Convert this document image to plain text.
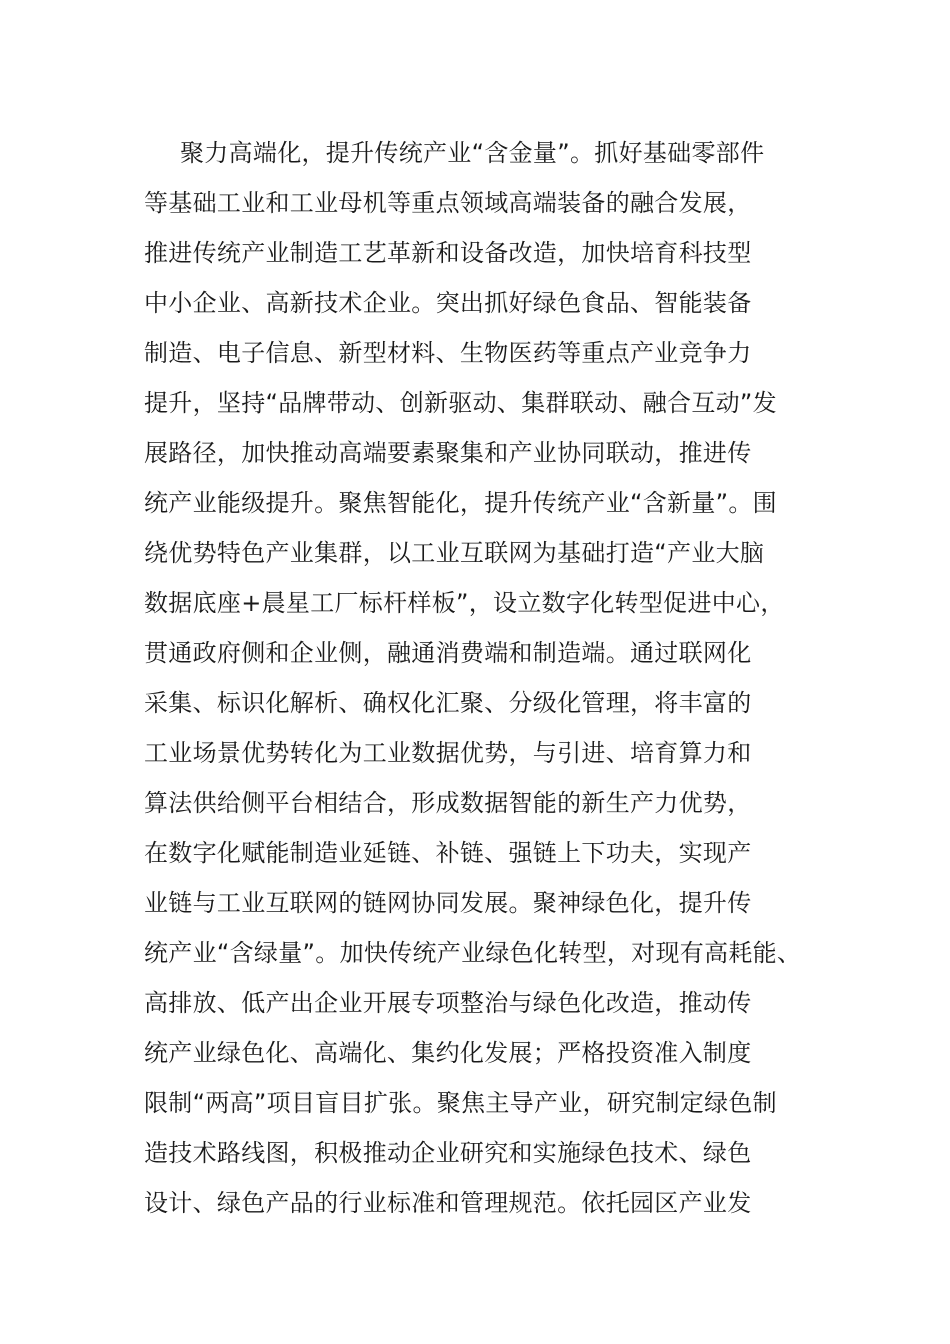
聚力高端化，提升传统产业“含金量”。抓好基础零部件
等基础工业和工业母机等重点领域高端装备的融合发展，
推进传统产业制造工艺革新和设备改造，加快培育科技型
中小企业、高新技术企业。突出抓好绿色食品、智能装备
制造、电子信息、新型材料、生物医药等重点产业竞争力
提升，坚持“品牌带动、创新驱动、集群联动、融合互动”发
展路径，加快推动高端要素聚集和产业协同联动，推进传
统产业能级提升。聚焦智能化，提升传统产业“含新量”。围
绕优势特色产业集群，以工业互联网为基础打造“产业大脑
数据底座+晨星工厂标杆样板”，设立数字化转型促进中心，
贯通政府侧和企业侧，融通消费端和制造端。通过联网化
采集、标识化解析、确权化汇聚、分级化管理，将丰富的
工业场景优势转化为工业数据优势，与引进、培育算力和
算法供给侧平台相结合，形成数据智能的新生产力优势，
在数字化赋能制造业延链、补链、强链上下功夫，实现产
业链与工业互联网的链网协同发展。聚神绿色化，提升传
统产业“含绿量”。加快传统产业绿色化转型，对现有高耗能、
高排放、低产出企业开展专项整治与绿色化改造，推动传
统产业绿色化、高端化、集约化发展；严格投资准入制度
限制“两高”项目盲目扩张。聚焦主导产业，研究制定绿色制
造技术路线图，积极推动企业研究和实施绿色技术、绿色
设计、绿色产品的行业标准和管理规范。依托园区产业发
